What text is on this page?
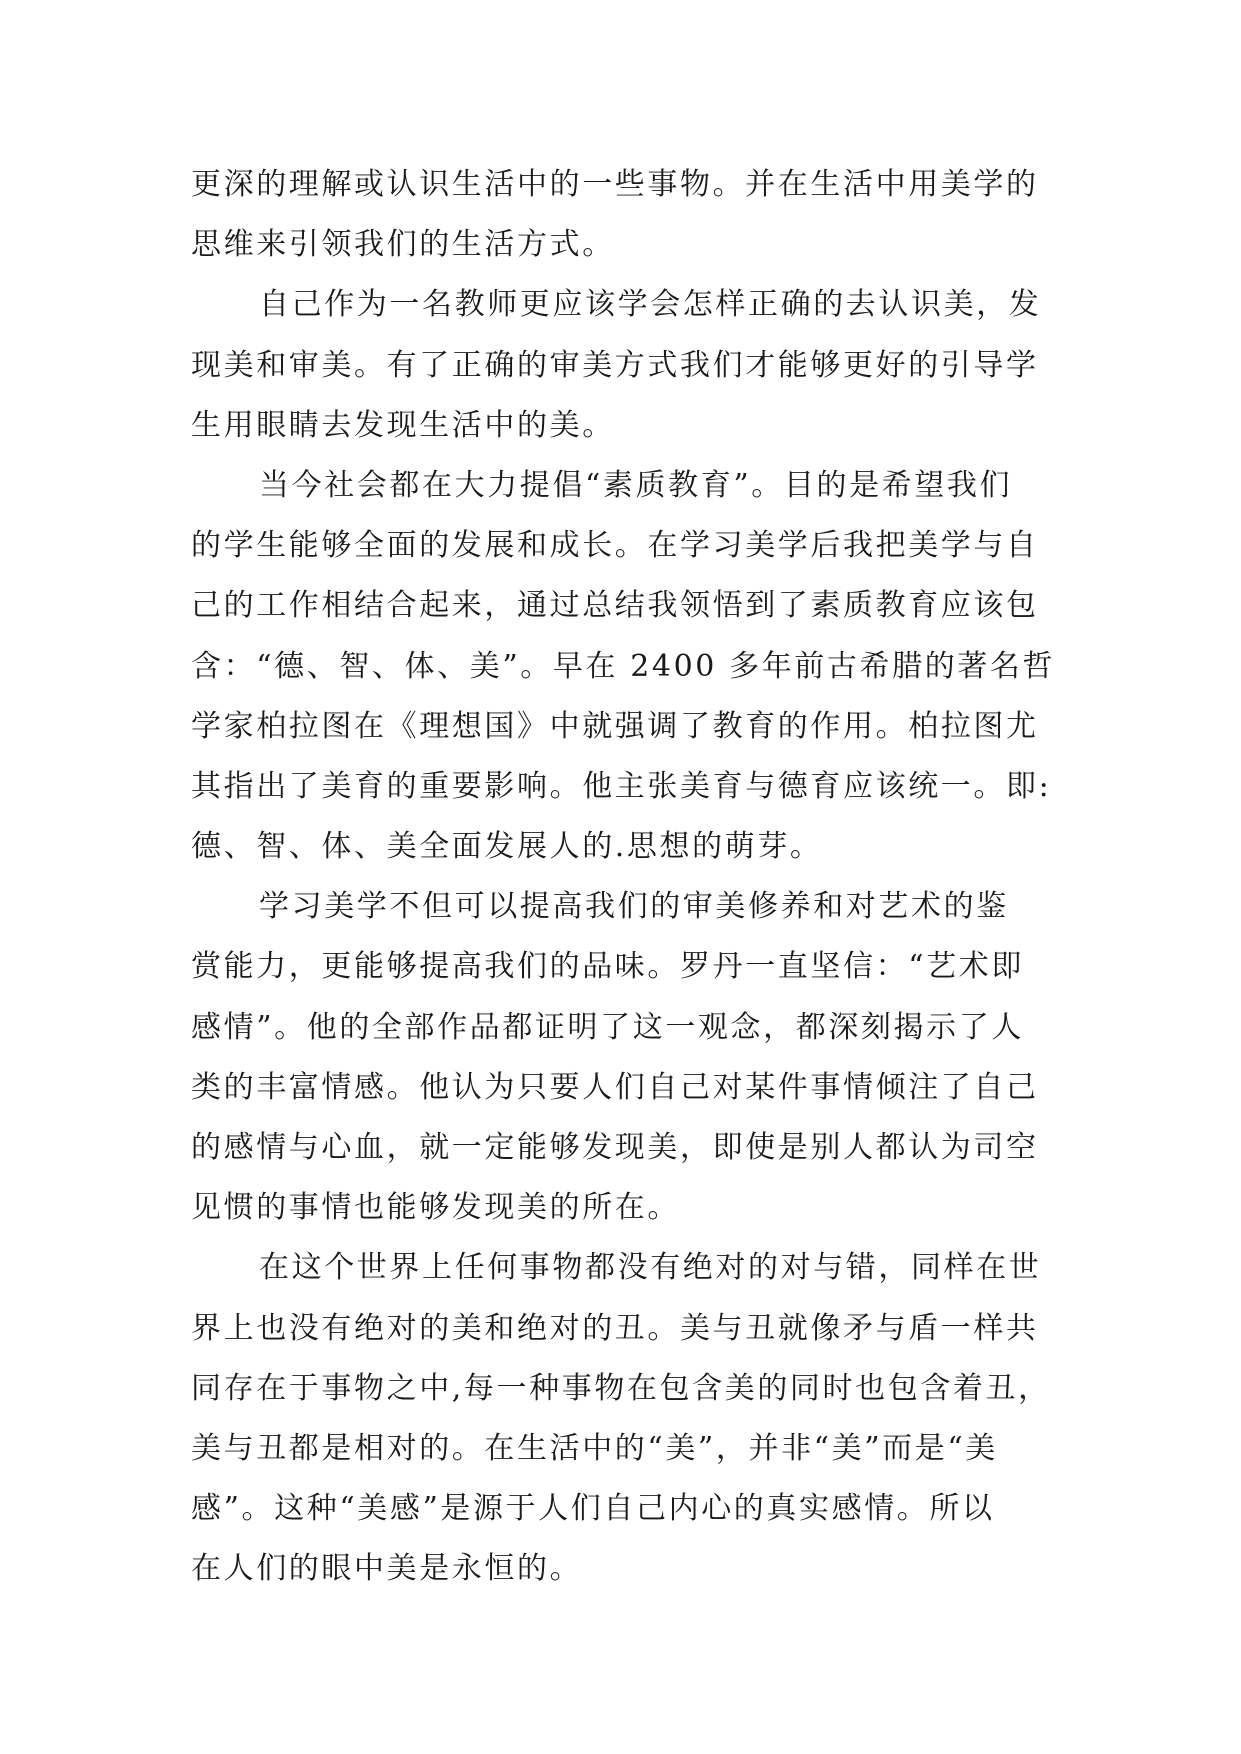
更深的理解或认识生活中的一些事物。并在生活中用美学的
思维来引领我们的生活方式。
自己作为一名教师更应该学会怎样正确的去认识美，发
现美和审美。有了正确的审美方式我们才能够更好的引导学
生用眼睛去发现生活中的美。
当今社会都在大力提倡“素质教育”。目的是希望我们
的学生能够全面的发展和成长。在学习美学后我把美学与自
己的工作相结合起来，通过总结我领悟到了素质教育应该包
含：“德、智、体、美”。早在 2400 多年前古希腊的著名哲
学家柏拉图在《理想国》中就强调了教育的作用。柏拉图尤
其指出了美育的重要影响。他主张美育与德育应该统一。即:
德、智、体、美全面发展人的.思想的萌芽。
学习美学不但可以提高我们的审美修养和对艺术的鉴
赏能力，更能够提高我们的品味。罗丹一直坚信：“艺术即
感情”。他的全部作品都证明了这一观念，都深刻揭示了人
类的丰富情感。他认为只要人们自己对某件事情倾注了自己
的感情与心血，就一定能够发现美，即使是别人都认为司空
见惯的事情也能够发现美的所在。
在这个世界上任何事物都没有绝对的对与错，同样在世
界上也没有绝对的美和绝对的丑。美与丑就像矛与盾一样共
同存在于事物之中,每一种事物在包含美的同时也包含着丑，
美与丑都是相对的。在生活中的“美”，并非“美”而是“美
感”。这种“美感”是源于人们自己内心的真实感情。所以
在人们的眼中美是永恒的。
